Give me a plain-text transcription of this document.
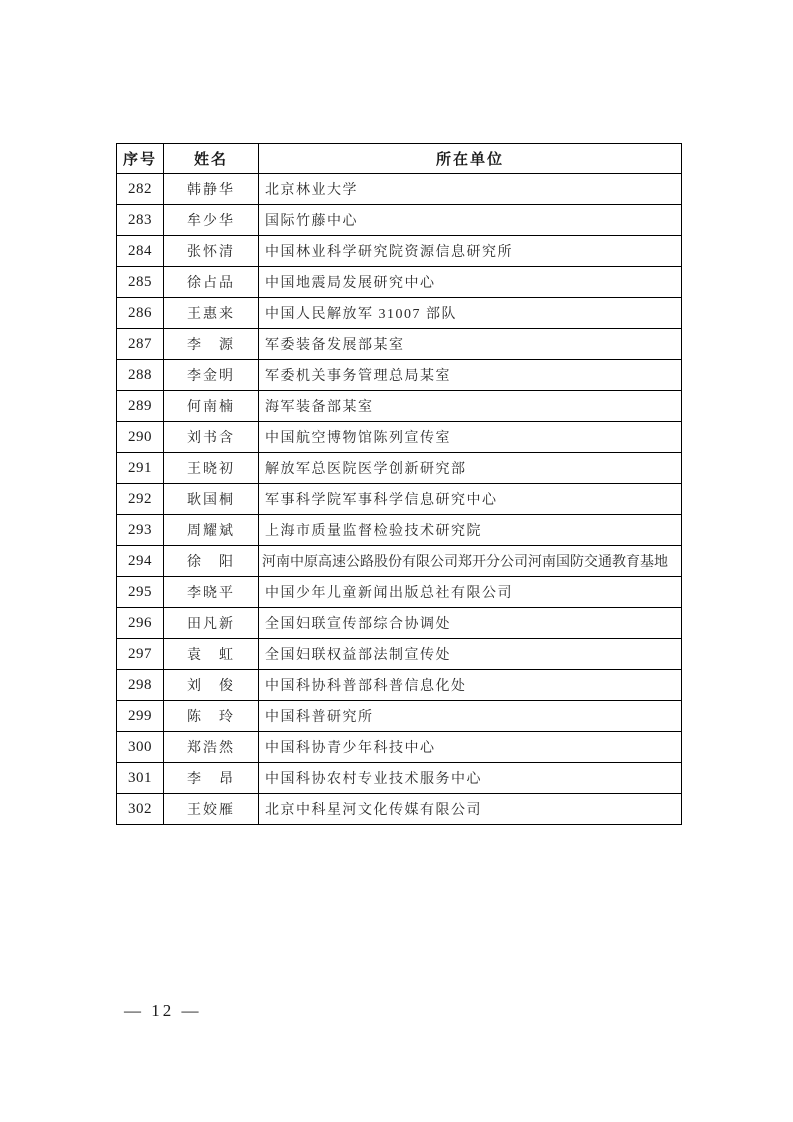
序号	姓名	所在单位
282	韩静华	北京林业大学
283	牟少华	国际竹藤中心
284	张怀清	中国林业科学研究院资源信息研究所
285	徐占品	中国地震局发展研究中心
286	王惠来	中国人民解放军 31007 部队
287	李　源	军委装备发展部某室
288	李金明	军委机关事务管理总局某室
289	何南楠	海军装备部某室
290	刘书含	中国航空博物馆陈列宣传室
291	王晓初	解放军总医院医学创新研究部
292	耿国桐	军事科学院军事科学信息研究中心
293	周耀斌	上海市质量监督检验技术研究院
294	徐　阳	河南中原高速公路股份有限公司郑开分公司河南国防交通教育基地
295	李晓平	中国少年儿童新闻出版总社有限公司
296	田凡新	全国妇联宣传部综合协调处
297	袁　虹	全国妇联权益部法制宣传处
298	刘　俊	中国科协科普部科普信息化处
299	陈　玲	中国科普研究所
300	郑浩然	中国科协青少年科技中心
301	李　昂	中国科协农村专业技术服务中心
302	王姣雁	北京中科星河文化传媒有限公司
— 12 —
